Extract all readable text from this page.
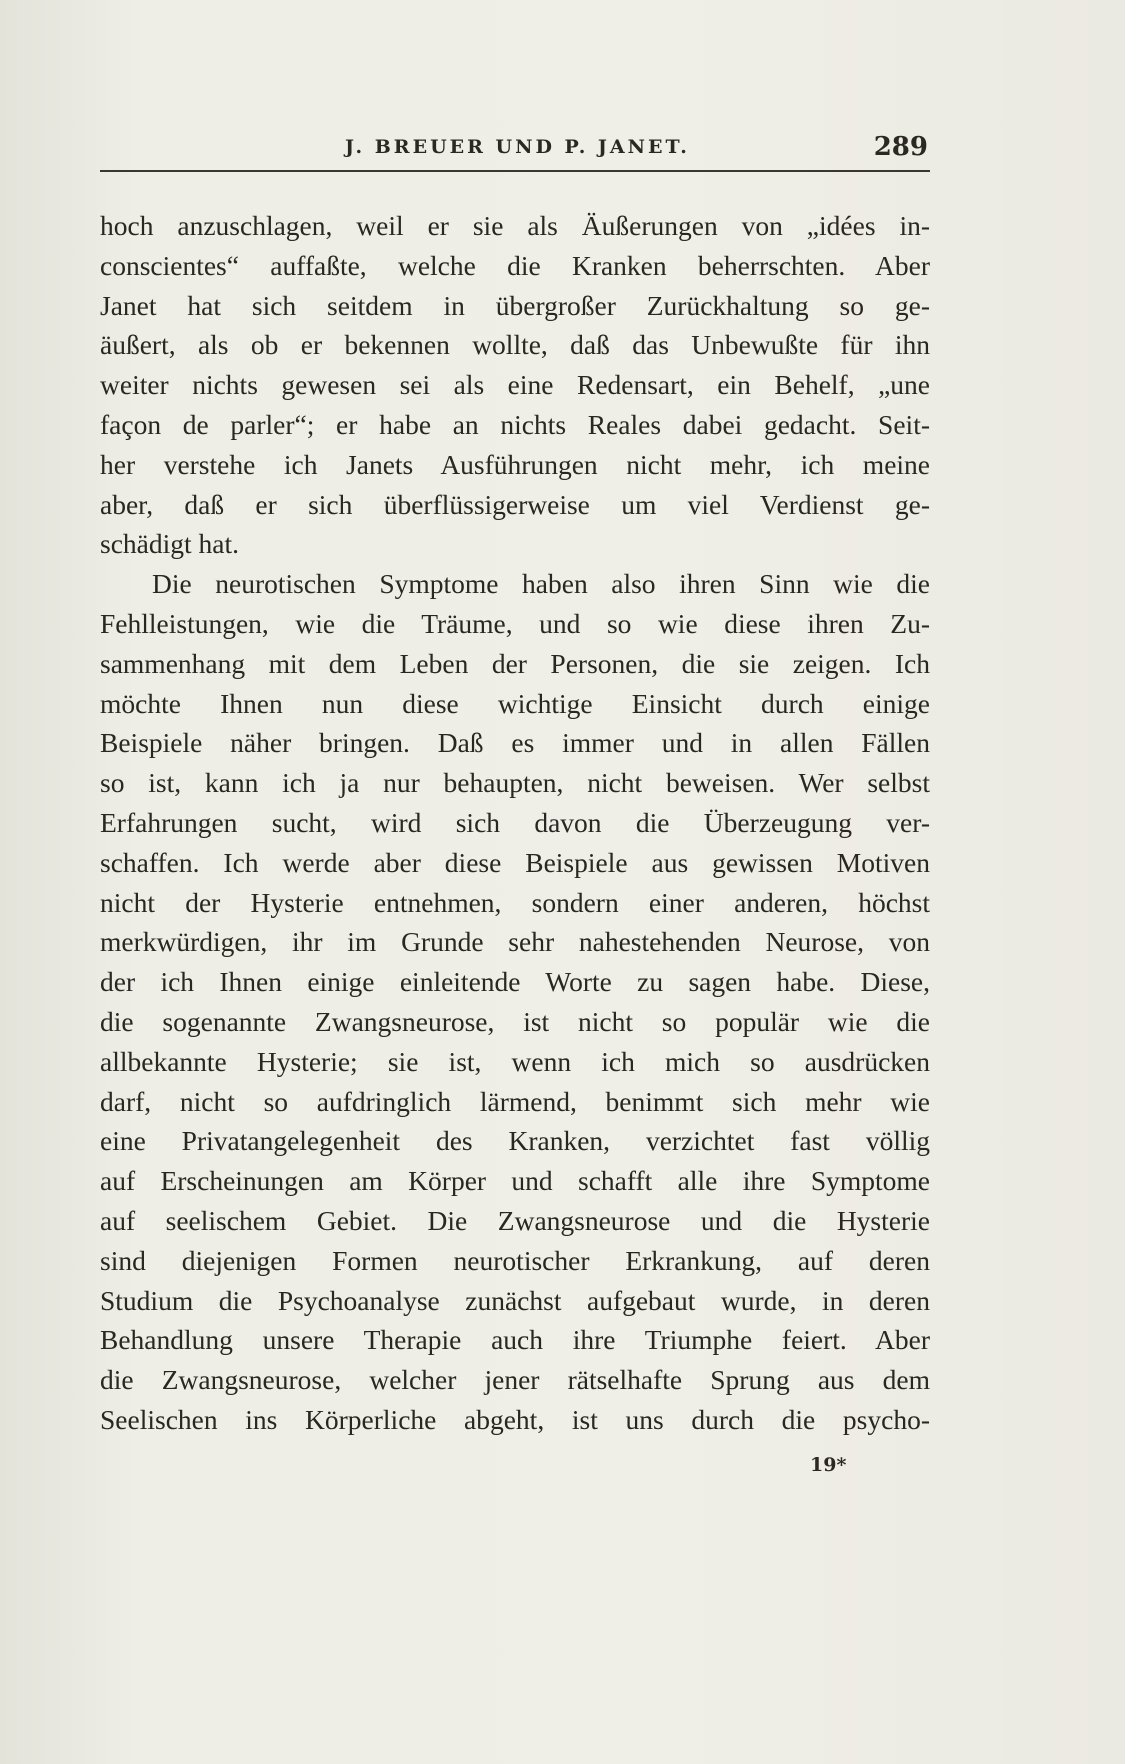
J. BREUER UND P. JANET.	289
hoch anzuschlagen, weil er sie als Äußerungen von „idées in-
conscientes“ auffaßte, welche die Kranken beherrschten. Aber
Janet hat sich seitdem in übergroßer Zurückhaltung so ge-
äußert, als ob er bekennen wollte, daß das Unbewußte für ihn
weiter nichts gewesen sei als eine Redensart, ein Behelf, „une
façon de parler“; er habe an nichts Reales dabei gedacht. Seit-
her verstehe ich Janets Ausführungen nicht mehr, ich meine
aber, daß er sich überflüssigerweise um viel Verdienst ge-
schädigt hat.
Die neurotischen Symptome haben also ihren Sinn wie die
Fehlleistungen, wie die Träume, und so wie diese ihren Zu-
sammenhang mit dem Leben der Personen, die sie zeigen. Ich
möchte Ihnen nun diese wichtige Einsicht durch einige
Beispiele näher bringen. Daß es immer und in allen Fällen
so ist, kann ich ja nur behaupten, nicht beweisen. Wer selbst
Erfahrungen sucht, wird sich davon die Überzeugung ver-
schaffen. Ich werde aber diese Beispiele aus gewissen Motiven
nicht der Hysterie entnehmen, sondern einer anderen, höchst
merkwürdigen, ihr im Grunde sehr nahestehenden Neurose, von
der ich Ihnen einige einleitende Worte zu sagen habe. Diese,
die sogenannte Zwangsneurose, ist nicht so populär wie die
allbekannte Hysterie; sie ist, wenn ich mich so ausdrücken
darf, nicht so aufdringlich lärmend, benimmt sich mehr wie
eine Privatangelegenheit des Kranken, verzichtet fast völlig
auf Erscheinungen am Körper und schafft alle ihre Symptome
auf seelischem Gebiet. Die Zwangsneurose und die Hysterie
sind diejenigen Formen neurotischer Erkrankung, auf deren
Studium die Psychoanalyse zunächst aufgebaut wurde, in deren
Behandlung unsere Therapie auch ihre Triumphe feiert. Aber
die Zwangsneurose, welcher jener rätselhafte Sprung aus dem
Seelischen ins Körperliche abgeht, ist uns durch die psycho-
19*
